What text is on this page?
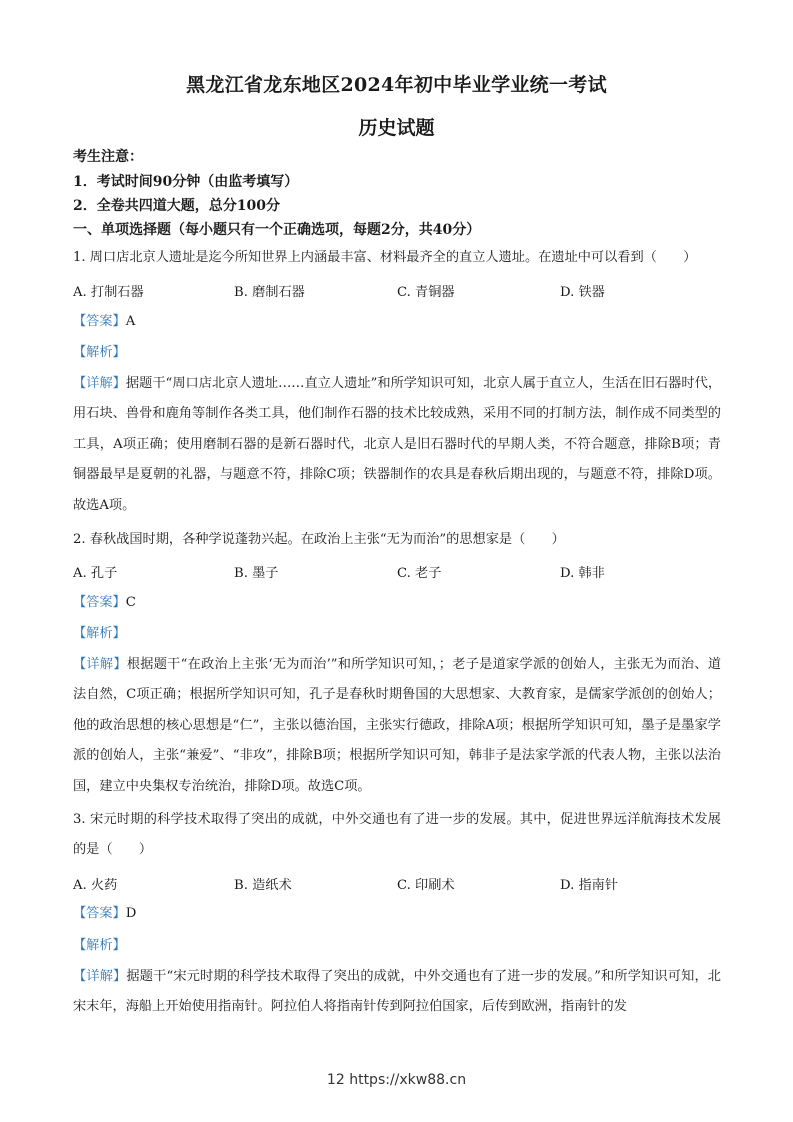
黑龙江省龙东地区2024年初中毕业学业统一考试
历史试题
考生注意：
1．考试时间90分钟（由监考填写）
2．全卷共四道大题，总分100分
一、单项选择题（每小题只有一个正确选项，每题2分，共40分）
1. 周口店北京人遗址是迄今所知世界上内涵最丰富、材料最齐全的直立人遗址。在遗址中可以看到（　　）
A. 打制石器	B. 磨制石器	C. 青铜器	D. 铁器
【答案】A
【解析】
【详解】据题干“周口店北京人遗址……直立人遗址”和所学知识可知，北京人属于直立人，生活在旧石器时代，用石块、兽骨和鹿角等制作各类工具，他们制作石器的技术比较成熟，采用不同的打制方法，制作成不同类型的工具，A项正确；使用磨制石器的是新石器时代，北京人是旧石器时代的早期人类，不符合题意，排除B项；青铜器最早是夏朝的礼器，与题意不符，排除C项；铁器制作的农具是春秋后期出现的，与题意不符，排除D项。故选A项。
2. 春秋战国时期，各种学说蓬勃兴起。在政治上主张“无为而治”的思想家是（　　）
A. 孔子	B. 墨子	C. 老子	D. 韩非
【答案】C
【解析】
【详解】根据题干“在政治上主张‘无为而治’”和所学知识可知，；老子是道家学派的创始人，主张无为而治、道法自然，C项正确；根据所学知识可知，孔子是春秋时期鲁国的大思想家、大教育家，是儒家学派创的创始人；他的政治思想的核心思想是“仁”，主张以德治国，主张实行德政，排除A项；根据所学知识可知，墨子是墨家学派的创始人，主张“兼爱”、“非攻”，排除B项；根据所学知识可知，韩非子是法家学派的代表人物，主张以法治国，建立中央集权专治统治，排除D项。故选C项。
3. 宋元时期的科学技术取得了突出的成就，中外交通也有了进一步的发展。其中，促进世界远洋航海技术发展的是（　　）
A. 火药	B. 造纸术	C. 印刷术	D. 指南针
【答案】D
【解析】
【详解】据题干“宋元时期的科学技术取得了突出的成就，中外交通也有了进一步的发展。”和所学知识可知，北宋末年，海船上开始使用指南针。阿拉伯人将指南针传到阿拉伯国家，后传到欧洲，指南针的发
12 https://xkw88.cn
